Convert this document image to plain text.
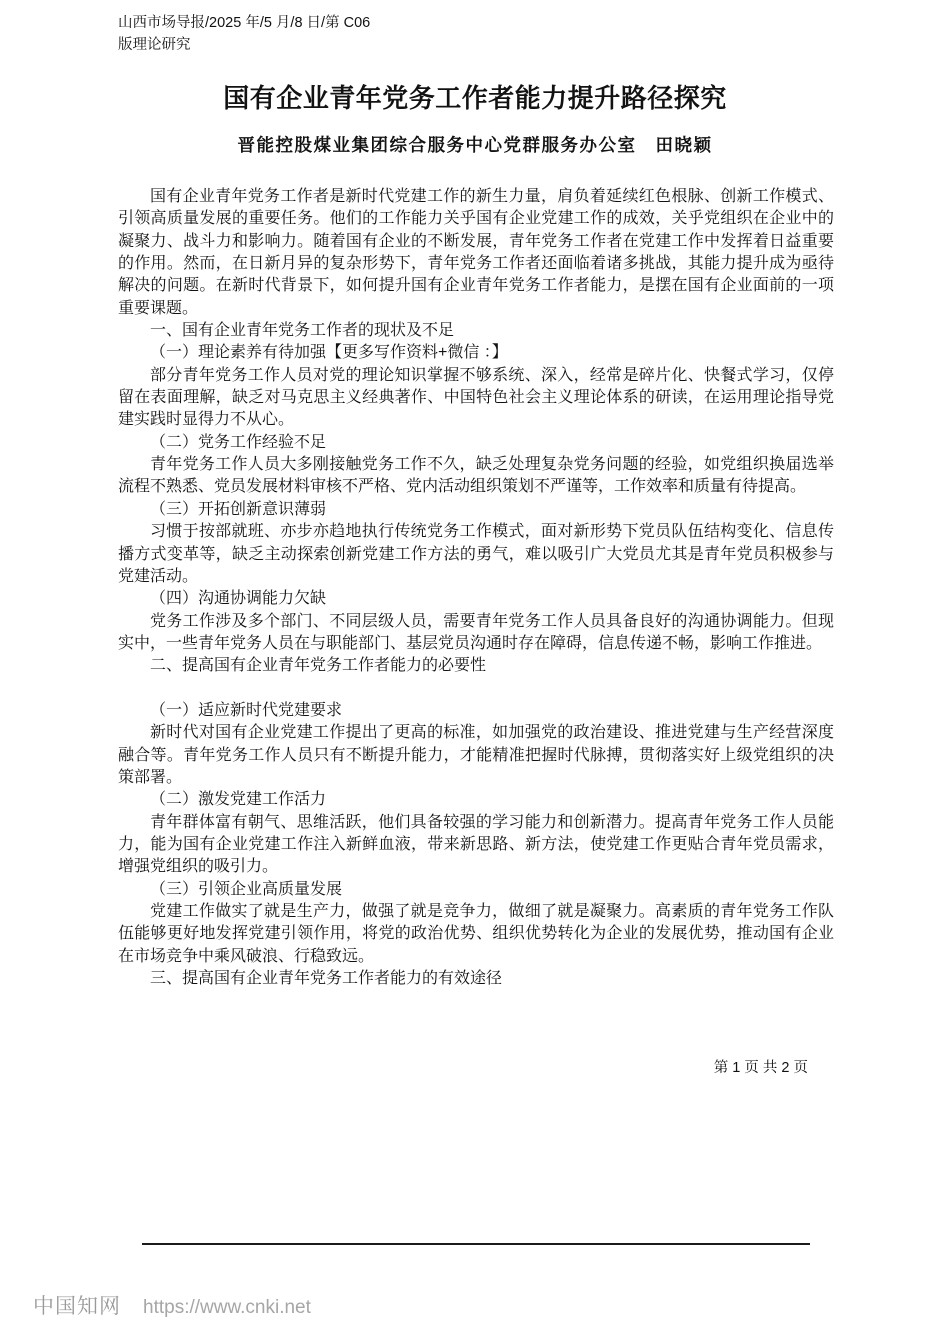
山西市场导报/2025 年/5 月/8 日/第 C06
版理论研究
国有企业青年党务工作者能力提升路径探究
晋能控股煤业集团综合服务中心党群服务办公室　田晓颖

国有企业青年党务工作者是新时代党建工作的新生力量，肩负着延续红色根脉、创新工作模式、引领高质量发展的重要任务。他们的工作能力关乎国有企业党建工作的成效，关乎党组织在企业中的凝聚力、战斗力和影响力。随着国有企业的不断发展，青年党务工作者在党建工作中发挥着日益重要的作用。然而，在日新月异的复杂形势下，青年党务工作者还面临着诸多挑战，其能力提升成为亟待解决的问题。在新时代背景下，如何提升国有企业青年党务工作者能力，是摆在国有企业面前的一项重要课题。

一、国有企业青年党务工作者的现状及不足

（一）理论素养有待加强【更多写作资料+微信 ：】

部分青年党务工作人员对党的理论知识掌握不够系统、深入，经常是碎片化、快餐式学习，仅停留在表面理解，缺乏对马克思主义经典著作、中国特色社会主义理论体系的研读，在运用理论指导党建实践时显得力不从心。

（二）党务工作经验不足

青年党务工作人员大多刚接触党务工作不久，缺乏处理复杂党务问题的经验，如党组织换届选举流程不熟悉、党员发展材料审核不严格、党内活动组织策划不严谨等，工作效率和质量有待提高。

（三）开拓创新意识薄弱

习惯于按部就班、亦步亦趋地执行传统党务工作模式，面对新形势下党员队伍结构变化、信息传播方式变革等，缺乏主动探索创新党建工作方法的勇气，难以吸引广大党员尤其是青年党员积极参与党建活动。

（四）沟通协调能力欠缺

党务工作涉及多个部门、不同层级人员，需要青年党务工作人员具备良好的沟通协调能力。但现实中，一些青年党务人员在与职能部门、基层党员沟通时存在障碍，信息传递不畅，影响工作推进。

二、提高国有企业青年党务工作者能力的必要性

（一）适应新时代党建要求

新时代对国有企业党建工作提出了更高的标准，如加强党的政治建设、推进党建与生产经营深度融合等。青年党务工作人员只有不断提升能力，才能精准把握时代脉搏，贯彻落实好上级党组织的决策部署。

（二）激发党建工作活力

青年群体富有朝气、思维活跃，他们具备较强的学习能力和创新潜力。提高青年党务工作人员能力，能为国有企业党建工作注入新鲜血液，带来新思路、新方法，使党建工作更贴合青年党员需求，增强党组织的吸引力。

（三）引领企业高质量发展

党建工作做实了就是生产力，做强了就是竞争力，做细了就是凝聚力。高素质的青年党务工作队伍能够更好地发挥党建引领作用，将党的政治优势、组织优势转化为企业的发展优势，推动国有企业在市场竞争中乘风破浪、行稳致远。

三、提高国有企业青年党务工作者能力的有效途径

第 1 页 共 2 页
中国知网 https://www.cnki.net
